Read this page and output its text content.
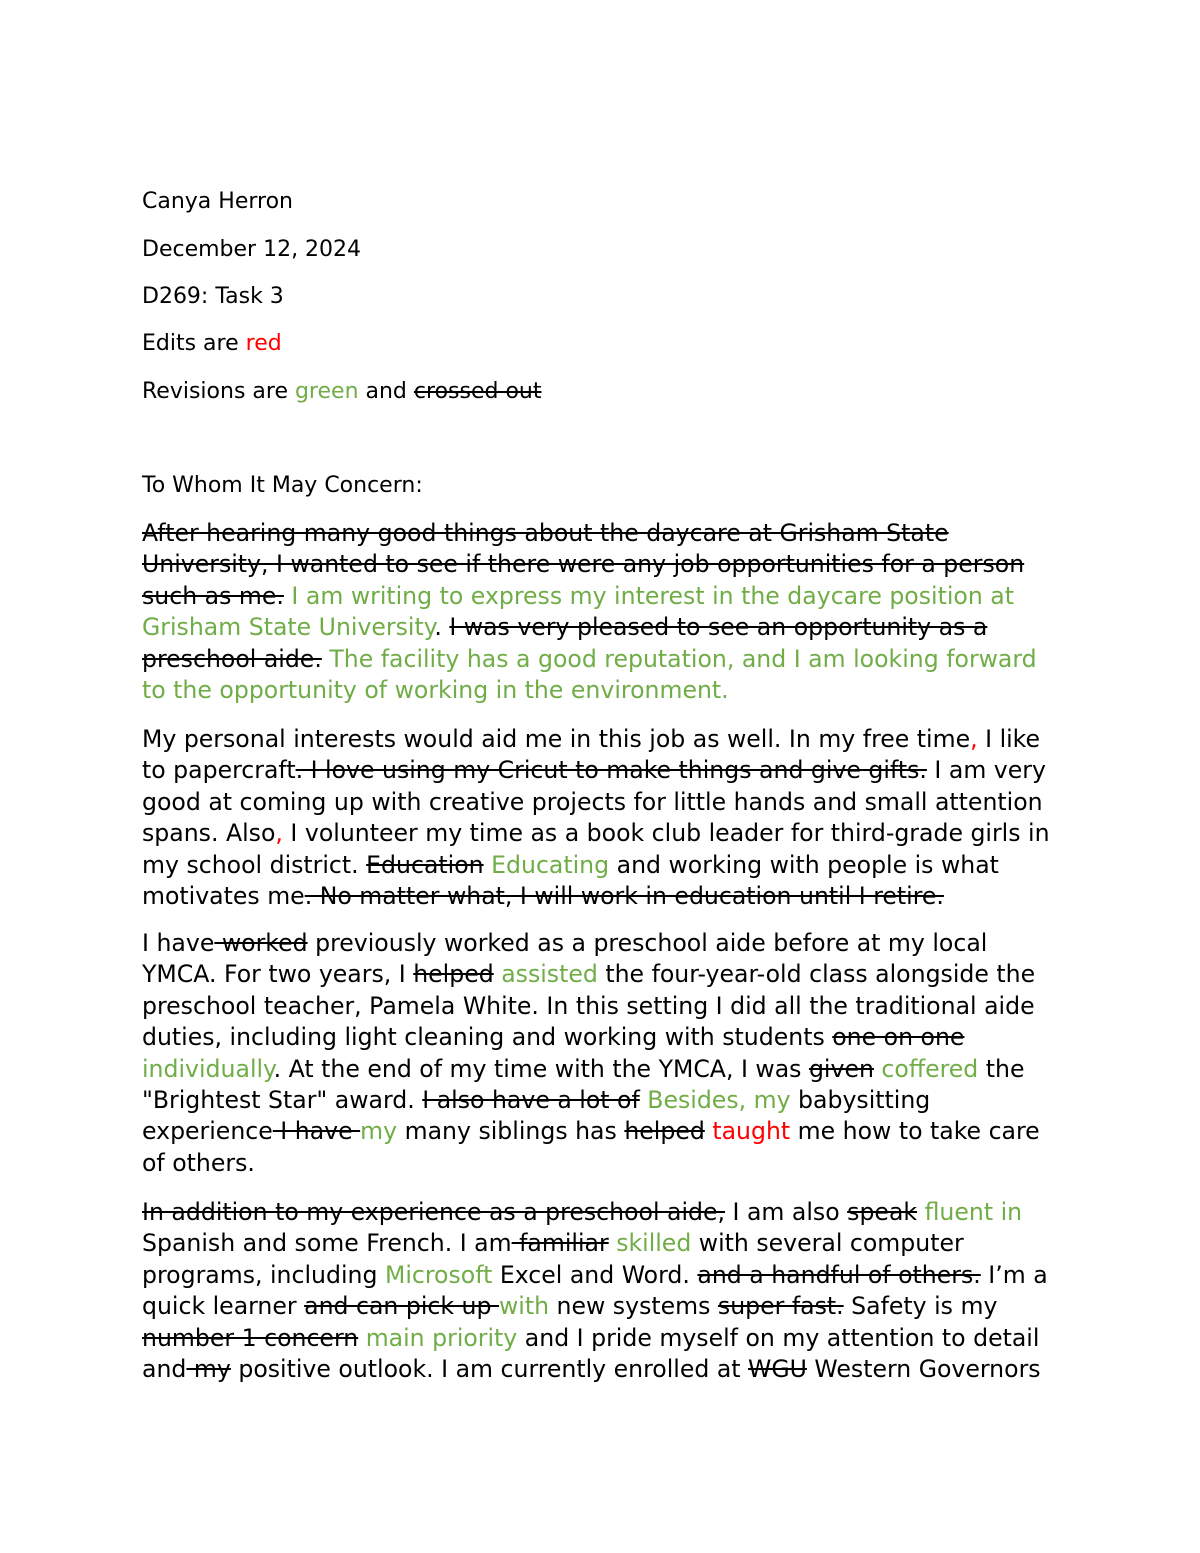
Canya Herron
December 12, 2024
D269: Task 3
Edits are red
Revisions are green and crossed out
To Whom It May Concern:

After hearing many good things about the daycare at Grisham State University, I wanted to see if there were any job opportunities for a person such as me. I am writing to express my interest in the daycare position at Grisham State University. I was very pleased to see an opportunity as a preschool aide. The facility has a good reputation, and I am looking forward to the opportunity of working in the environment.

My personal interests would aid me in this job as well. In my free time, I like to papercraft. I love using my Cricut to make things and give gifts. I am very good at coming up with creative projects for little hands and small attention spans. Also, I volunteer my time as a book club leader for third-grade girls in my school district. Education Educating and working with people is what motivates me. No matter what, I will work in education until I retire.

I have worked previously worked as a preschool aide before at my local YMCA. For two years, I helped assisted the four-year-old class alongside the preschool teacher, Pamela White. In this setting I did all the traditional aide duties, including light cleaning and working with students one on one individually. At the end of my time with the YMCA, I was given coffered the "Brightest Star" award. I also have a lot of Besides, my babysitting experience I have my many siblings has helped taught me how to take care of others.

In addition to my experience as a preschool aide, I am also speak fluent in Spanish and some French. I am familiar skilled with several computer programs, including Microsoft Excel and Word. and a handful of others. I’m a quick learner and can pick up with new systems super fast. Safety is my number 1 concern main priority and I pride myself on my attention to detail and my positive outlook. I am currently enrolled at WGU Western Governors
